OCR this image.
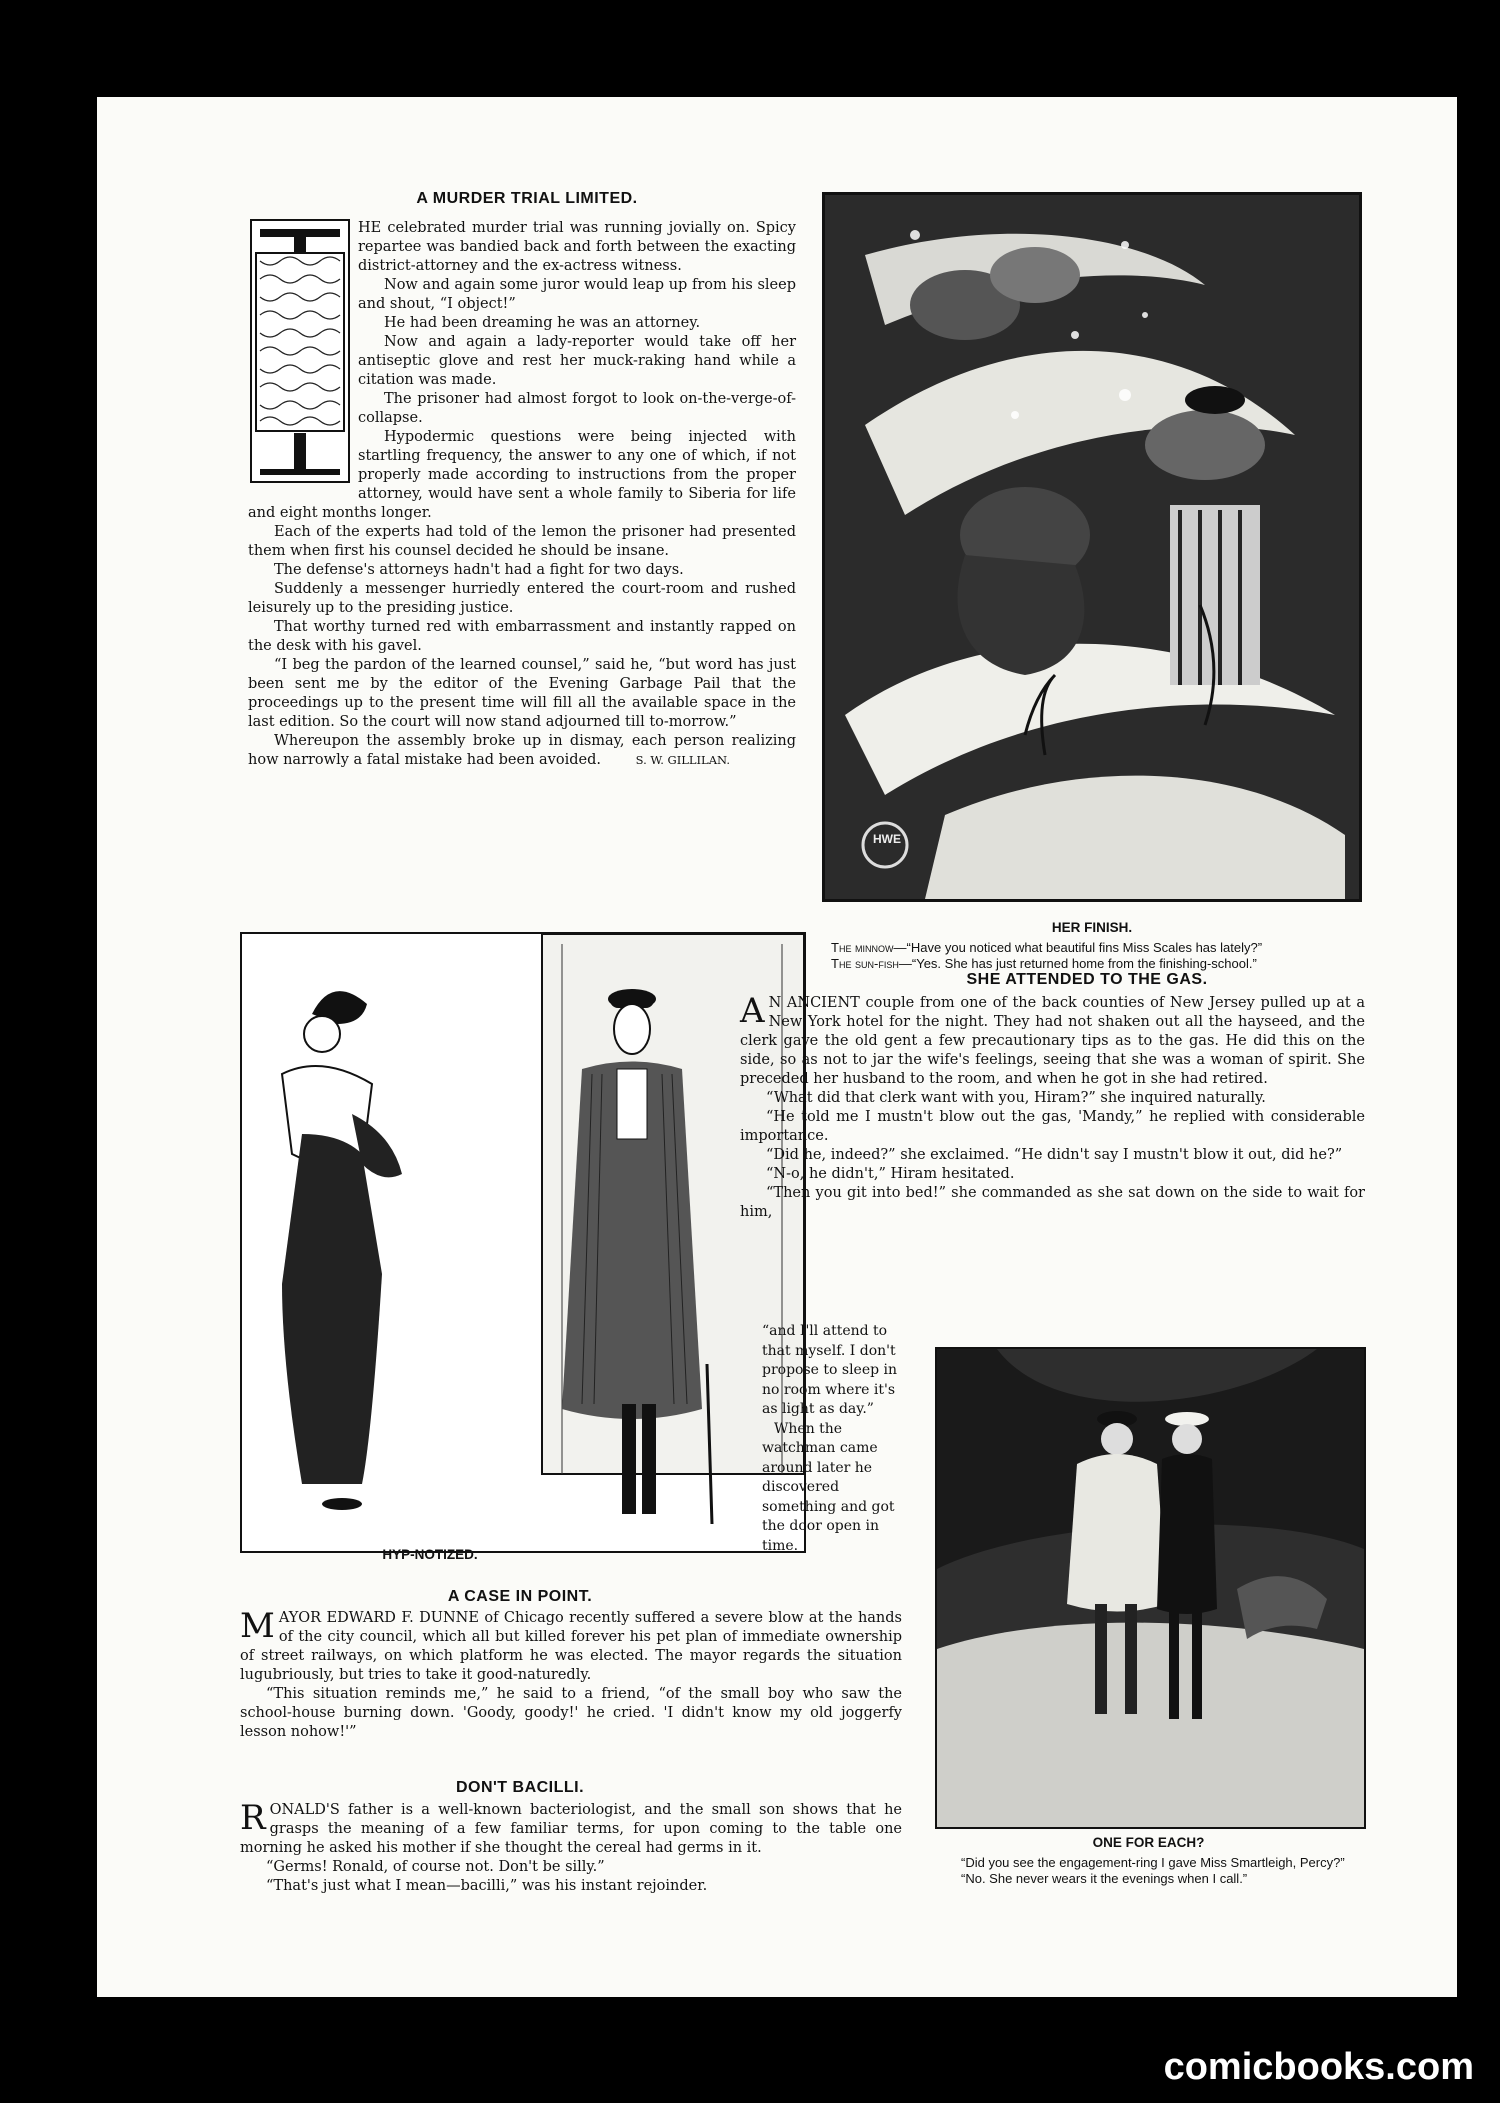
A MURDER TRIAL LIMITED.

HE celebrated murder trial was running jovially on. Spicy repartee was bandied back and forth between the exacting district-attorney and the ex-actress witness.

Now and again some juror would leap up from his sleep and shout, “I object!”

He had been dreaming he was an attorney.

Now and again a lady-reporter would take off her antiseptic glove and rest her muck-raking hand while a citation was made.

The prisoner had almost forgot to look on-the-verge-of-collapse.

Hypodermic questions were being injected with startling frequency, the answer to any one of which, if not properly made according to instructions from the proper attorney, would have sent a whole family to Siberia for life and eight months longer.

Each of the experts had told of the lemon the prisoner had presented them when first his counsel decided he should be insane.

The defense's attorneys hadn't had a fight for two days.

Suddenly a messenger hurriedly entered the court-room and rushed leisurely up to the presiding justice.

That worthy turned red with embarrassment and instantly rapped on the desk with his gavel.

“I beg the pardon of the learned counsel,” said he, “but word has just been sent me by the editor of the Evening Garbage Pail that the proceedings up to the present time will fill all the available space in the last edition. So the court will now stand adjourned till to-morrow.”

Whereupon the assembly broke up in dismay, each person realizing how narrowly a fatal mistake had been avoided.	S. W. GILLILAN.

HWE
HER FINISH.

The minnow—“Have you noticed what beautiful fins Miss Scales has lately?”

The sun-fish—“Yes. She has just returned home from the finishing-school.”

HYP-NOTIZED.
SHE ATTENDED TO THE GAS.

A N ANCIENT couple from one of the back counties of New Jersey pulled up at a New York hotel for the night. They had not shaken out all the hayseed, and the clerk gave the old gent a few precautionary tips as to the gas. He did this on the side, so as not to jar the wife's feelings, seeing that she was a woman of spirit. She preceded her husband to the room, and when he got in she had retired.

“What did that clerk want with you, Hiram?” she inquired naturally.

“He told me I mustn't blow out the gas, 'Mandy,” he replied with considerable importance.

“Did he, indeed?” she exclaimed. “He didn't say I mustn't blow it out, did he?”

“N-o, he didn't,” Hiram hesitated.

“Then you git into bed!” she commanded as she sat down on the side to wait for him,

“and I'll attend to that myself. I don't propose to sleep in no room where it's as light as day.”

When the watchman came around later he discovered something and got the door open in time.

A CASE IN POINT.

MAYOR EDWARD F. DUNNE of Chicago recently suffered a severe blow at the hands of the city council, which all but killed forever his pet plan of immediate ownership of street railways, on which platform he was elected. The mayor regards the situation lugubriously, but tries to take it good-naturedly.

“This situation reminds me,” he said to a friend, “of the small boy who saw the school-house burning down. 'Goody, goody!' he cried. 'I didn't know my old joggerfy lesson nohow!'”

DON'T BACILLI.

RONALD'S father is a well-known bacteriologist, and the small son shows that he grasps the meaning of a few familiar terms, for upon coming to the table one morning he asked his mother if she thought the cereal had germs in it.

“Germs! Ronald, of course not. Don't be silly.”

“That's just what I mean—bacilli,” was his instant rejoinder.

ONE FOR EACH?

“Did you see the engagement-ring I gave Miss Smartleigh, Percy?”

“No. She never wears it the evenings when I call.”

comicbooks.com
